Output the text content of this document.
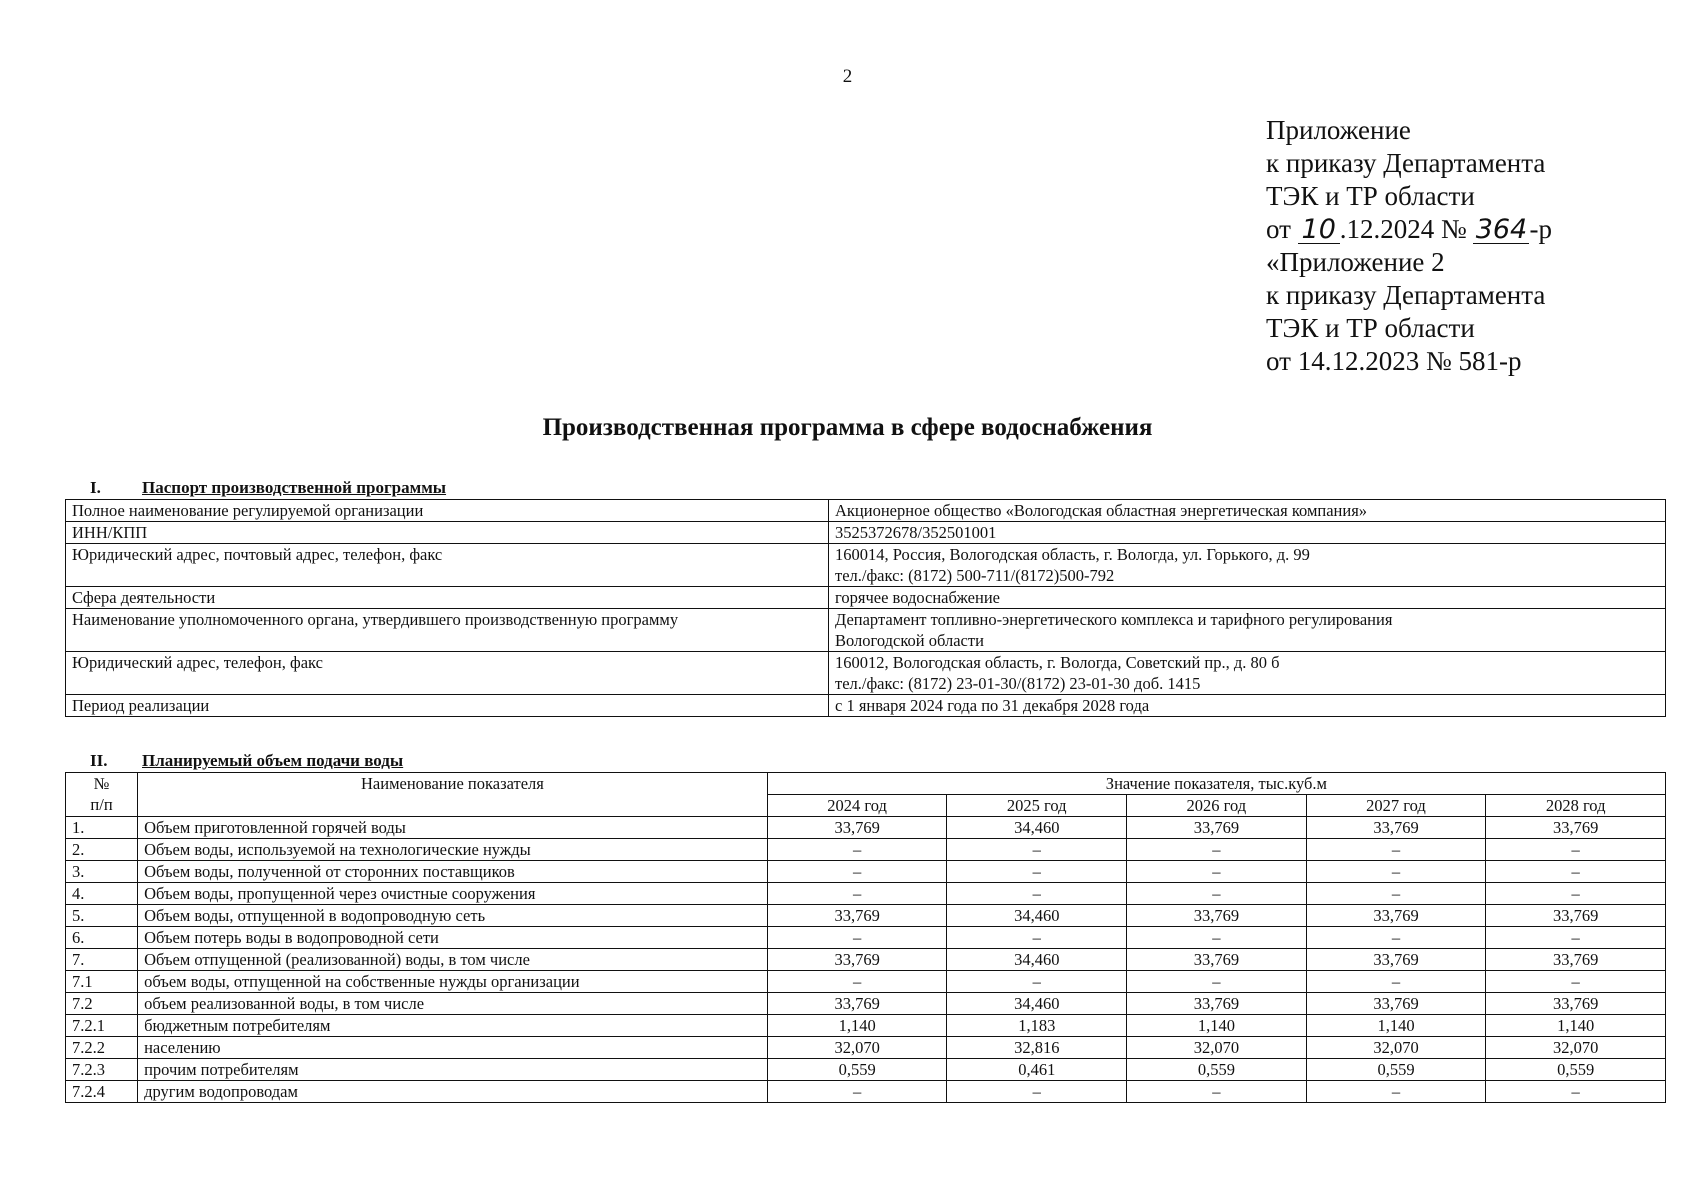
2
Приложение
к приказу Департамента
ТЭК и ТР области
от 10 .12.2024 № 364-р
«Приложение 2
к приказу Департамента
ТЭК и ТР области
от 14.12.2023 № 581-р
Производственная программа в сфере водоснабжения
I. Паспорт производственной программы
Полное наименование регулируемой организации	Акционерное общество «Вологодская областная энергетическая компания»

ИНН/КПП	3525372678/352501001

Юридический адрес, почтовый адрес, телефон, факс	160014, Россия, Вологодская область, г. Вологда, ул. Горького, д. 99
тел./факс: (8172) 500-711/(8172)500-792

Сфера деятельности	горячее водоснабжение

Наименование уполномоченного органа, утвердившего производственную программу	Департамент топливно-энергетического комплекса и тарифного регулирования
Вологодской области

Юридический адрес, телефон, факс	160012, Вологодская область, г. Вологда, Советский пр., д. 80 б
тел./факс: (8172) 23-01-30/(8172) 23-01-30 доб. 1415

Период реализации	с 1 января 2024 года по 31 декабря 2028 года
II. Планируемый объем подачи воды
№
п/п	Наименование показателя	Значение показателя, тыс.куб.м				
		2024 год	2025 год	2026 год	2027 год	2028 год
1.	Объем приготовленной горячей воды	33,769	34,460	33,769	33,769	33,769
2.	Объем воды, используемой на технологические нужды	–	–	–	–	–
3.	Объем воды, полученной от сторонних поставщиков	–	–	–	–	–
4.	Объем воды, пропущенной через очистные сооружения	–	–	–	–	–
5.	Объем воды, отпущенной в водопроводную сеть	33,769	34,460	33,769	33,769	33,769
6.	Объем потерь воды в водопроводной сети	–	–	–	–	–
7.	Объем отпущенной (реализованной) воды, в том числе	33,769	34,460	33,769	33,769	33,769
7.1	объем воды, отпущенной на собственные нужды организации	–	–	–	–	–
7.2	объем реализованной воды, в том числе	33,769	34,460	33,769	33,769	33,769
7.2.1	бюджетным потребителям	1,140	1,183	1,140	1,140	1,140
7.2.2	населению	32,070	32,816	32,070	32,070	32,070
7.2.3	прочим потребителям	0,559	0,461	0,559	0,559	0,559
7.2.4	другим водопроводам	–	–	–	–	–
